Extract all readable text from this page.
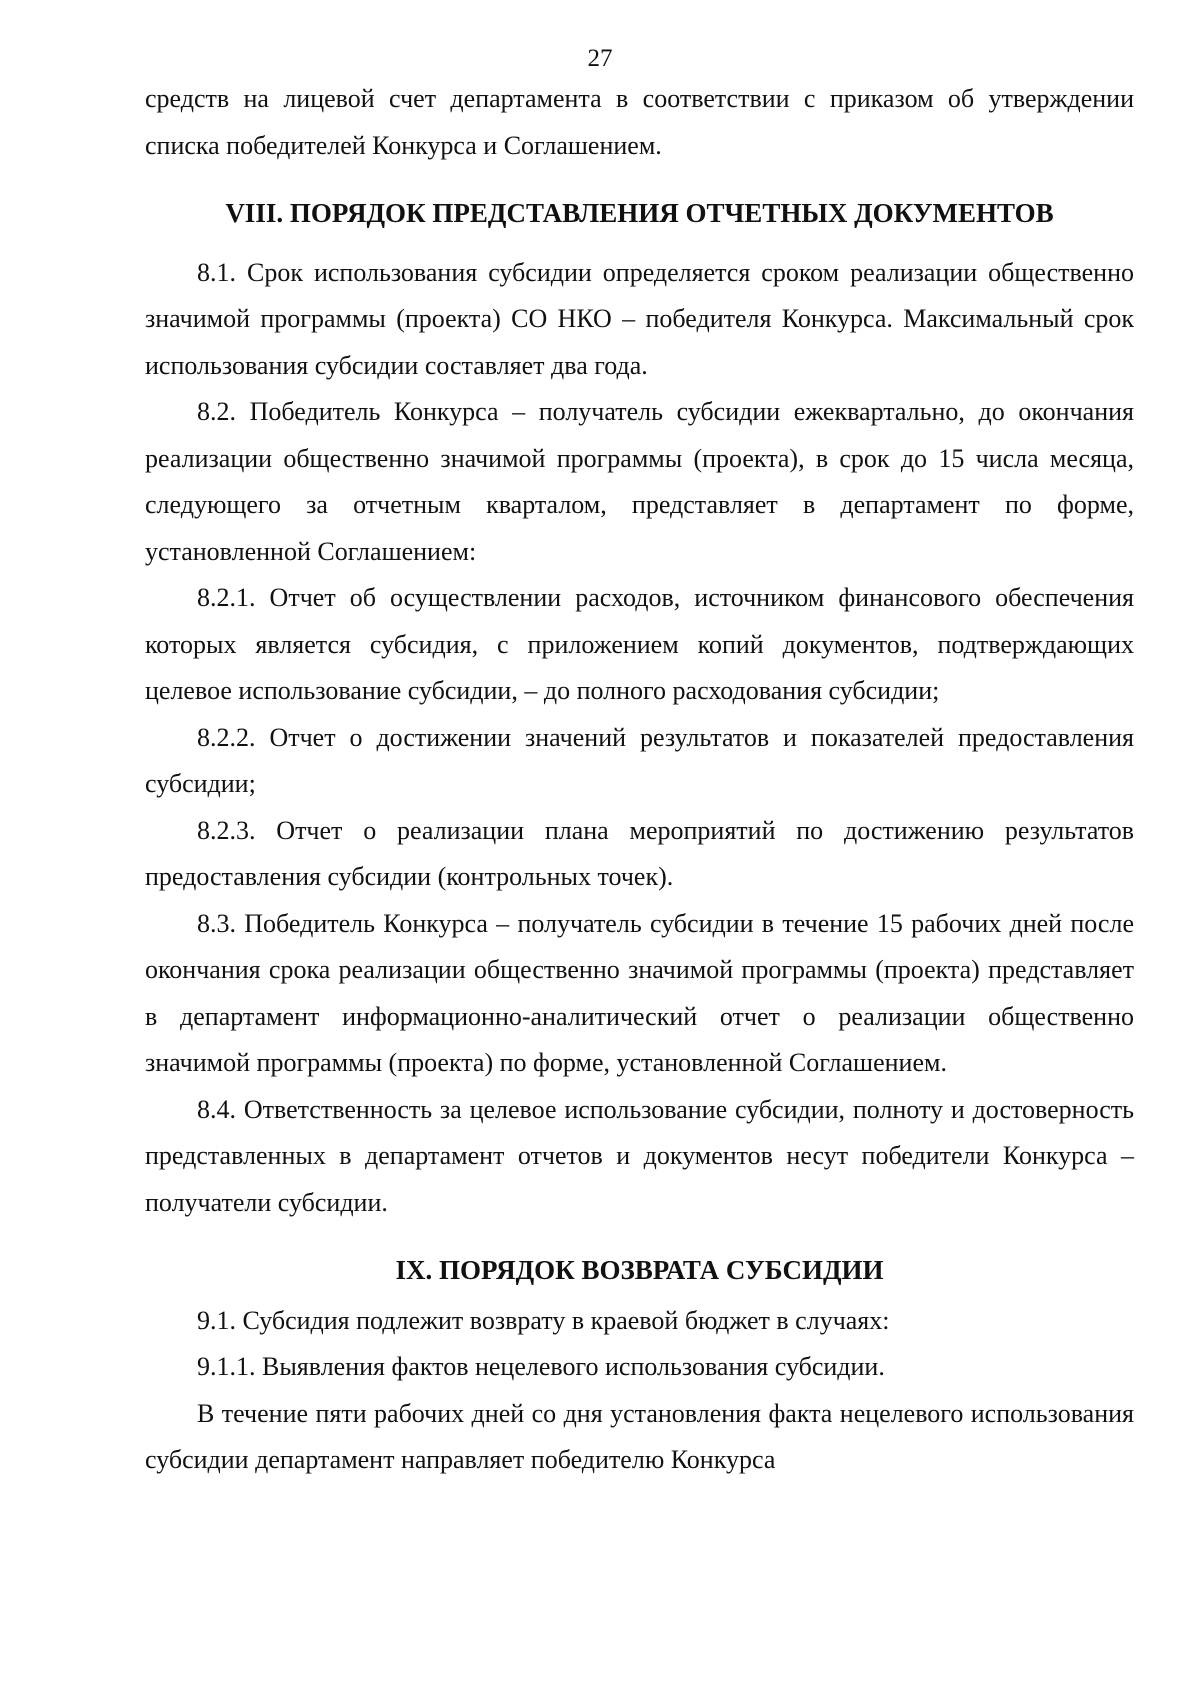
27

средств на лицевой счет департамента в соответствии с приказом об утверждении списка победителей Конкурса и Соглашением.

VIII. ПОРЯДОК ПРЕДСТАВЛЕНИЯ ОТЧЕТНЫХ ДОКУМЕНТОВ

8.1. Срок использования субсидии определяется сроком реализации общественно значимой программы (проекта) СО НКО – победителя Конкурса. Максимальный срок использования субсидии составляет два года.

8.2. Победитель Конкурса – получатель субсидии ежеквартально, до окончания реализации общественно значимой программы (проекта), в срок до 15 числа месяца, следующего за отчетным кварталом, представляет в департамент по форме, установленной Соглашением:

8.2.1. Отчет об осуществлении расходов, источником финансового обеспечения которых является субсидия, с приложением копий документов, подтверждающих целевое использование субсидии, – до полного расходования субсидии;

8.2.2. Отчет о достижении значений результатов и показателей предоставления субсидии;

8.2.3. Отчет о реализации плана мероприятий по достижению результатов предоставления субсидии (контрольных точек).

8.3. Победитель Конкурса – получатель субсидии в течение 15 рабочих дней после окончания срока реализации общественно значимой программы (проекта) представляет в департамент информационно-аналитический отчет о реализации общественно значимой программы (проекта) по форме, установленной Соглашением.

8.4. Ответственность за целевое использование субсидии, полноту и достоверность представленных в департамент отчетов и документов несут победители Конкурса – получатели субсидии.

IX. ПОРЯДОК ВОЗВРАТА СУБСИДИИ

9.1. Субсидия подлежит возврату в краевой бюджет в случаях:

9.1.1. Выявления фактов нецелевого использования субсидии.

В течение пяти рабочих дней со дня установления факта нецелевого использования субсидии департамент направляет победителю Конкурса
